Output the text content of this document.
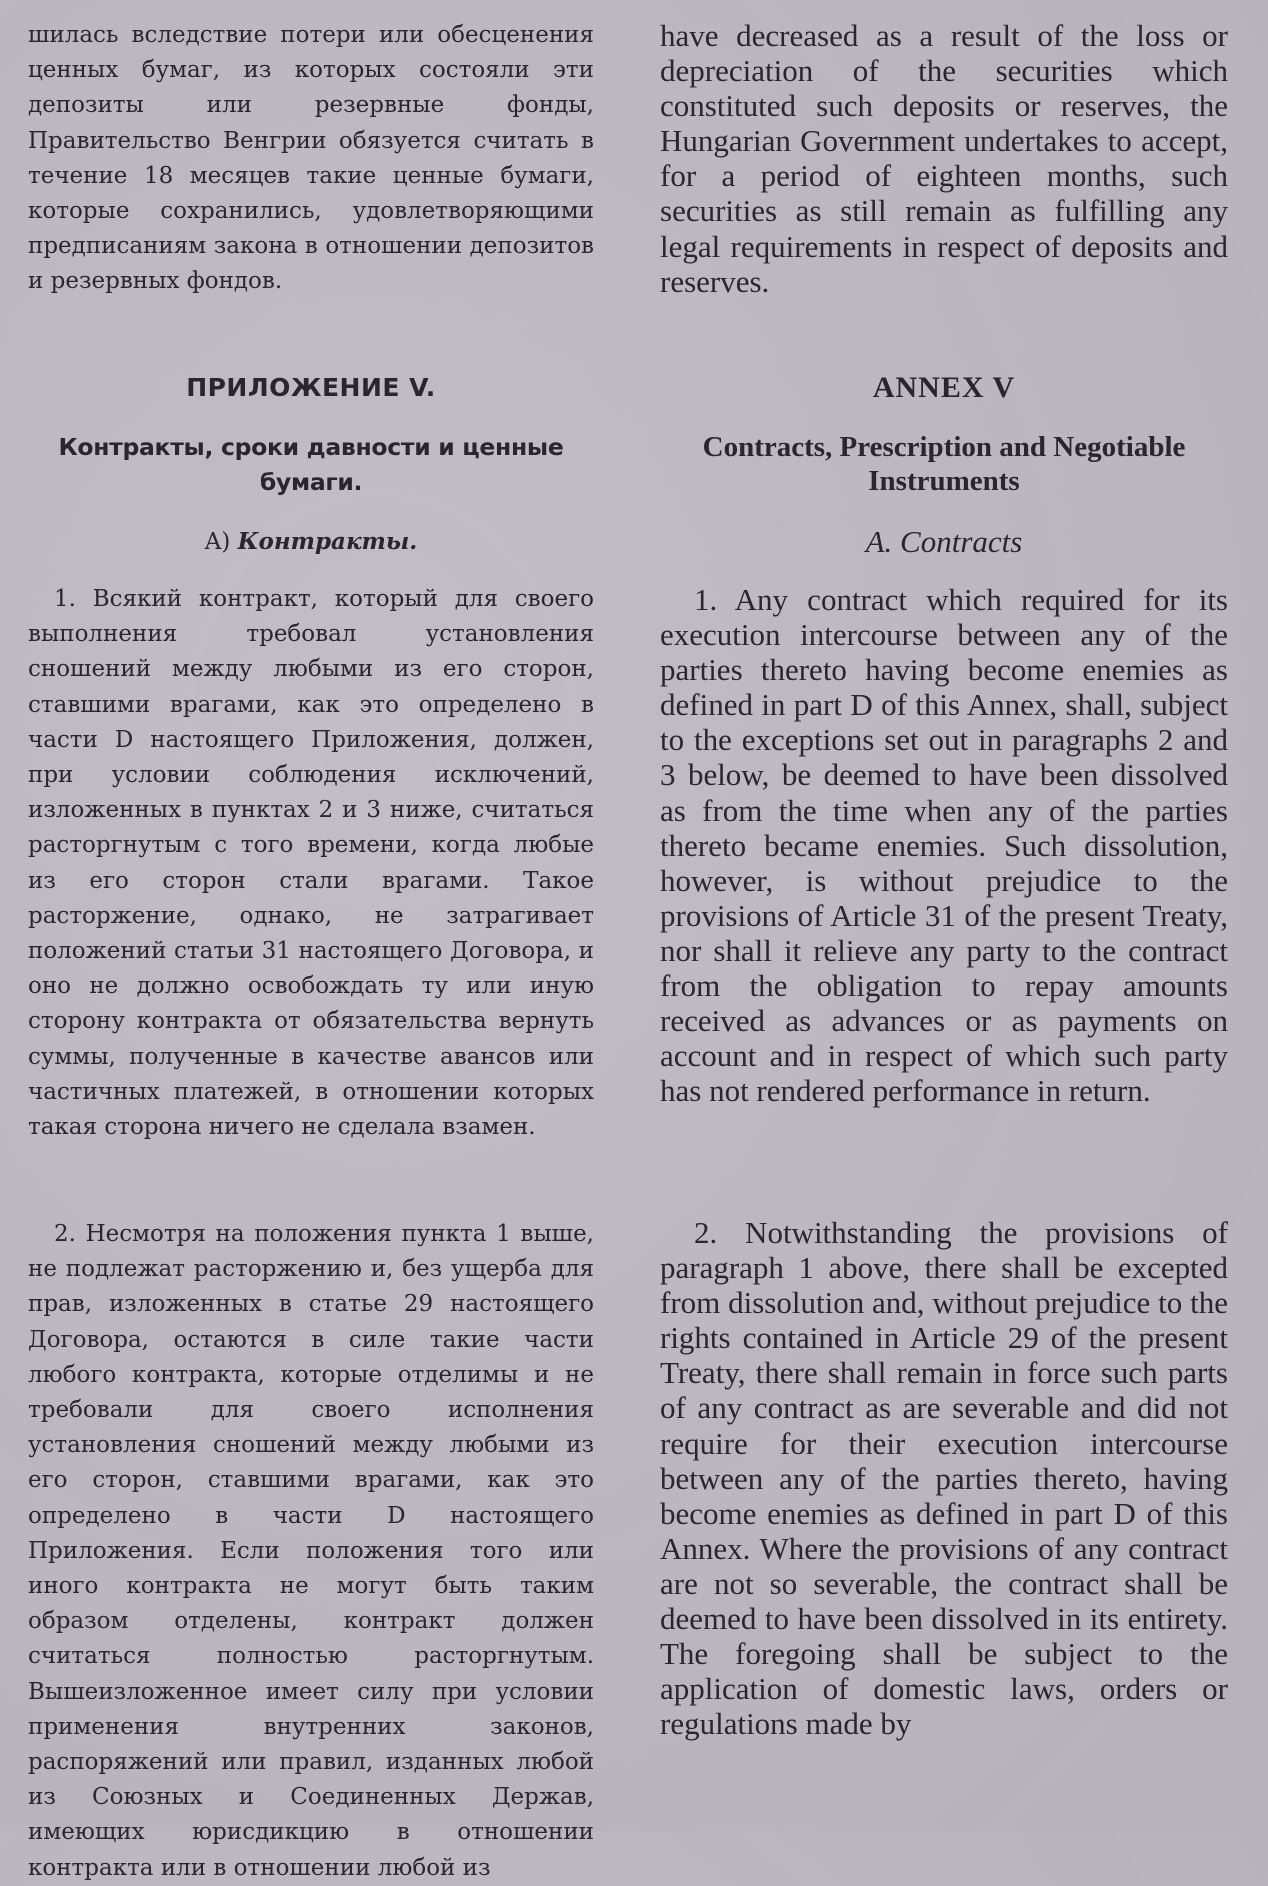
шилась вследствие потери или обесценения ценных бумаг, из которых состояли эти депозиты или резервные фонды, Правительство Венгрии обязуется считать в течение 18 месяцев такие ценные бумаги, которые сохранились, удовлетворяющими предписаниям закона в отношении депозитов и резервных фондов.

ПРИЛОЖЕНИЕ V.
Контракты, сроки давности и ценные бумаги.
A) Контракты.

1. Всякий контракт, который для своего выполнения требовал установления сношений между любыми из его сторон, ставшими врагами, как это определено в части D настоящего Приложения, должен, при условии соблюдения исключений, изложенных в пунктах 2 и 3 ниже, считаться расторгнутым с того времени, когда любые из его сторон стали врагами. Такое расторжение, однако, не затрагивает положений статьи 31 настоящего Договора, и оно не должно освобождать ту или иную сторону контракта от обязательства вернуть суммы, полученные в качестве авансов или частичных платежей, в отношении которых такая сторона ничего не сделала взамен.

2. Несмотря на положения пункта 1 выше, не подлежат расторжению и, без ущерба для прав, изложенных в статье 29 настоящего Договора, остаются в силе такие части любого контракта, которые отделимы и не требовали для своего исполнения установления сношений между любыми из его сторон, ставшими врагами, как это определено в части D настоящего Приложения. Если положения того или иного контракта не могут быть таким образом отделены, контракт должен считаться полностью расторгнутым. Вышеизложенное имеет силу при условии применения внутренних законов, распоряжений или правил, изданных любой из Союзных и Соединенных Держав, имеющих юрисдикцию в отношении контракта или в отношении любой из

have decreased as a result of the loss or depreciation of the securities which constituted such deposits or reserves, the Hungarian Government undertakes to accept, for a period of eighteen months, such securities as still remain as fulfilling any legal requirements in respect of deposits and reserves.

ANNEX V
Contracts, Prescription and Negotiable Instruments
A. Contracts

1. Any contract which required for its execution intercourse between any of the parties thereto having become enemies as defined in part D of this Annex, shall, subject to the exceptions set out in paragraphs 2 and 3 below, be deemed to have been dissolved as from the time when any of the parties thereto became enemies. Such dissolution, however, is without prejudice to the provisions of Article 31 of the present Treaty, nor shall it relieve any party to the contract from the obligation to repay amounts received as advances or as payments on account and in respect of which such party has not rendered performance in return.

2. Notwithstanding the provisions of paragraph 1 above, there shall be excepted from dissolution and, without prejudice to the rights contained in Article 29 of the present Treaty, there shall remain in force such parts of any contract as are severable and did not require for their execution intercourse between any of the parties thereto, having become enemies as defined in part D of this Annex. Where the provisions of any contract are not so severable, the contract shall be deemed to have been dissolved in its entirety. The foregoing shall be subject to the application of domestic laws, orders or regulations made by
